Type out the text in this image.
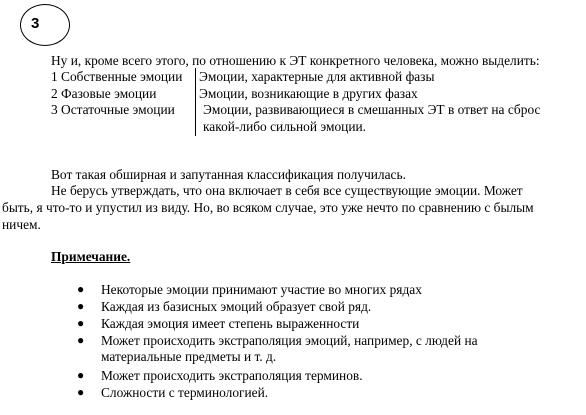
3
Ну и, кроме всего этого, по отношению к ЭТ конкретного человека, можно выделить:
1 Собственные эмоции Эмоции, характерные для активной фазы
2 Фазовые эмоции	Эмоции, возникающие в других фазах
3 Остаточные эмоции Эмоции, развивающиеся в смешанных ЭТ в ответ на сброс
какой-либо сильной эмоции.
Вот такая обширная и запутанная классификация получилась.
Не берусь утверждать, что она включает в себя все существующие эмоции. Может
быть, я что-то и упустил из виду. Но, во всяком случае, это уже нечто по сравнению с былым
ничем.
Примечание.
● Некоторые эмоции принимают участие во многих рядах
● Каждая из базисных эмоций образует свой ряд.
● Каждая эмоция имеет степень выраженности
● Может происходить экстраполяция эмоций, например, с людей на
материальные предметы и т. д.
● Может происходить экстраполяция терминов.
● Сложности с терминологией.
